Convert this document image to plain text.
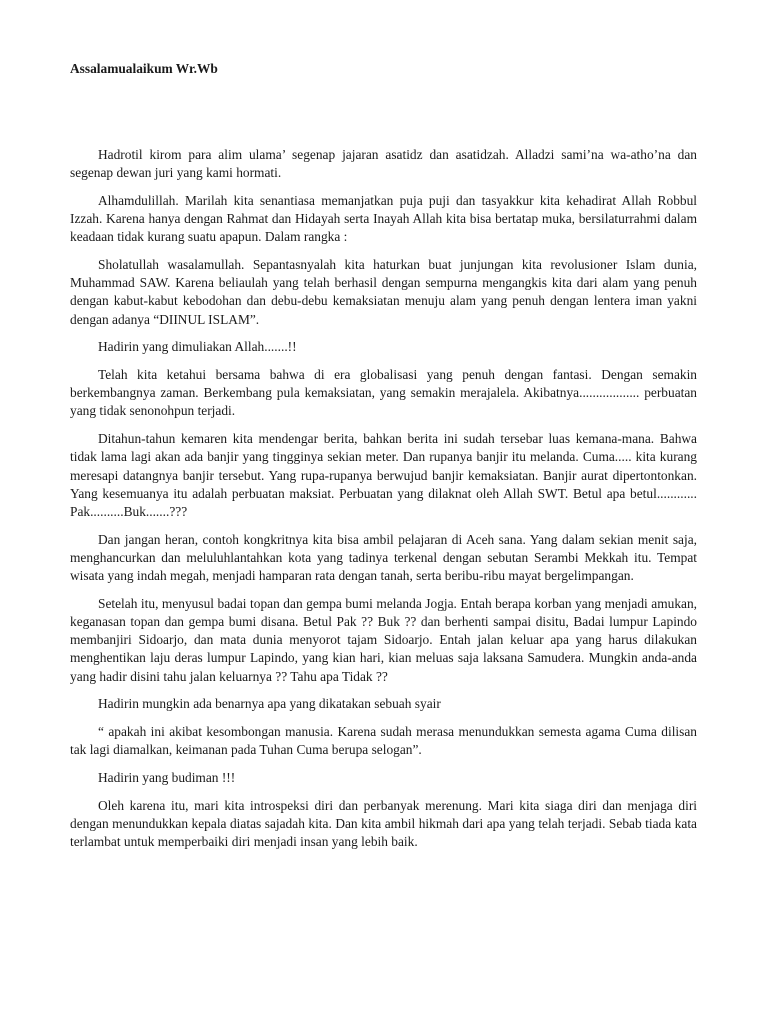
Assalamualaikum Wr.Wb

Hadrotil kirom para alim ulama’ segenap jajaran asatidz dan asatidzah. Alladzi sami’na wa-atho’na dan segenap dewan juri yang kami hormati.

Alhamdulillah. Marilah kita senantiasa memanjatkan puja puji dan tasyakkur kita kehadirat Allah Robbul Izzah. Karena hanya dengan Rahmat dan Hidayah serta Inayah Allah kita bisa bertatap muka, bersilaturrahmi dalam keadaan tidak kurang suatu apapun. Dalam rangka :

Sholatullah wasalamullah. Sepantasnyalah kita haturkan buat junjungan kita revolusioner Islam dunia, Muhammad SAW. Karena beliaulah yang telah berhasil dengan sempurna mengangkis kita dari alam yang penuh dengan kabut-kabut kebodohan dan debu-debu kemaksiatan menuju alam yang penuh dengan lentera iman yakni dengan adanya “DIINUL ISLAM”.

Hadirin yang dimuliakan Allah.......!!

Telah kita ketahui bersama bahwa di era globalisasi yang penuh dengan fantasi. Dengan semakin berkembangnya zaman. Berkembang pula kemaksiatan, yang semakin merajalela. Akibatnya.................. perbuatan yang tidak senonohpun terjadi.

Ditahun-tahun kemaren kita mendengar berita, bahkan berita ini sudah tersebar luas kemana-mana. Bahwa tidak lama lagi akan ada banjir yang tingginya sekian meter. Dan rupanya banjir itu melanda. Cuma..... kita kurang meresapi datangnya banjir tersebut. Yang rupa-rupanya berwujud banjir kemaksiatan. Banjir aurat dipertontonkan. Yang kesemuanya itu adalah perbuatan maksiat. Perbuatan yang dilaknat oleh Allah SWT. Betul apa betul............ Pak..........Buk.......???

Dan jangan heran, contoh kongkritnya kita bisa ambil pelajaran di Aceh sana. Yang dalam sekian menit saja, menghancurkan dan meluluhlantahkan kota yang tadinya terkenal dengan sebutan Serambi Mekkah itu. Tempat wisata yang indah megah, menjadi hamparan rata dengan tanah, serta beribu-ribu mayat bergelimpangan.

Setelah itu, menyusul badai topan dan gempa bumi melanda Jogja. Entah berapa korban yang menjadi amukan, keganasan topan dan gempa bumi disana. Betul Pak ?? Buk ?? dan berhenti sampai disitu, Badai lumpur Lapindo membanjiri Sidoarjo, dan mata dunia menyorot tajam Sidoarjo. Entah jalan keluar apa yang harus dilakukan menghentikan laju deras lumpur Lapindo, yang kian hari, kian meluas saja laksana Samudera. Mungkin anda-anda yang hadir disini tahu jalan keluarnya ?? Tahu apa Tidak ??

Hadirin mungkin ada benarnya apa yang dikatakan sebuah syair

“ apakah ini akibat kesombongan manusia. Karena sudah merasa menundukkan semesta agama Cuma dilisan tak lagi diamalkan, keimanan pada Tuhan Cuma berupa selogan”.

Hadirin yang budiman !!!

Oleh karena itu, mari kita introspeksi diri dan perbanyak merenung. Mari kita siaga diri dan menjaga diri dengan menundukkan kepala diatas sajadah kita. Dan kita ambil hikmah dari apa yang telah terjadi. Sebab tiada kata terlambat untuk memperbaiki diri menjadi insan yang lebih baik.
